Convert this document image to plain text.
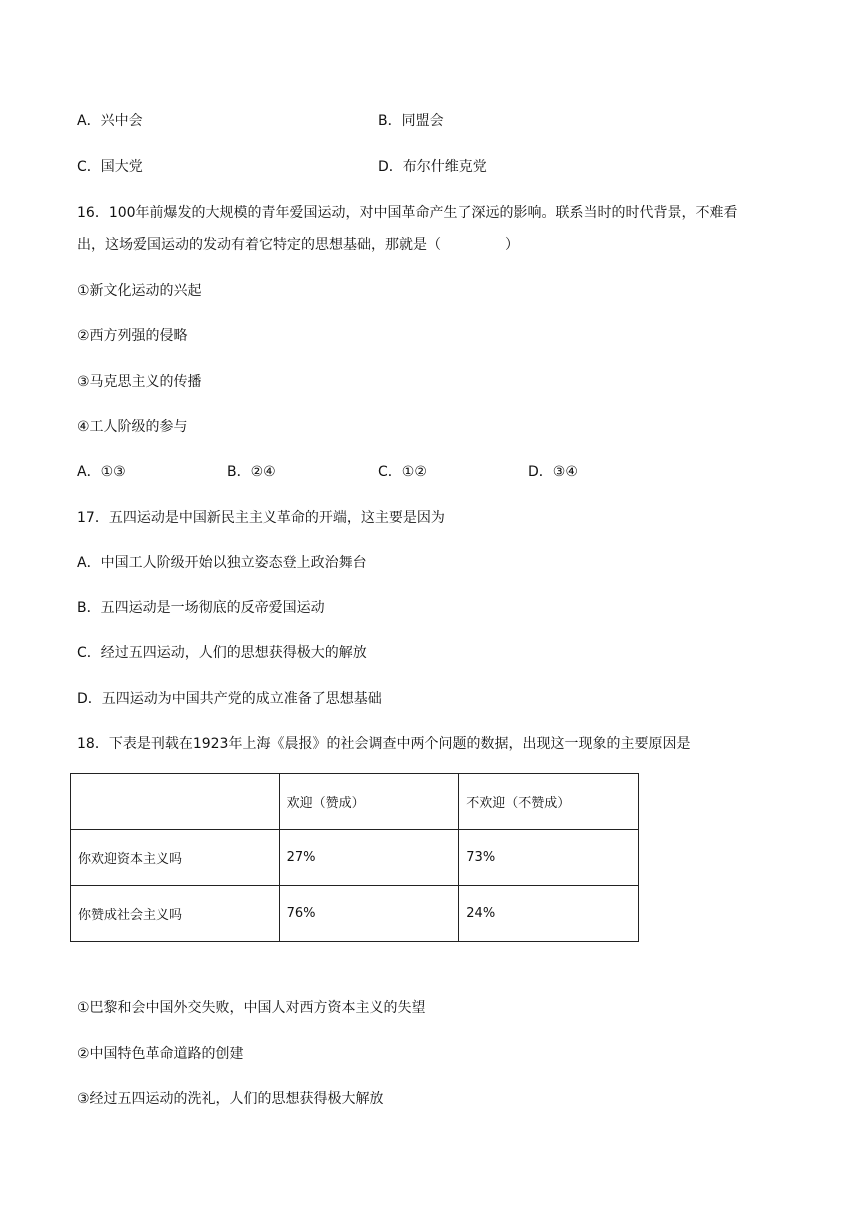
A．兴中会	B．同盟会
C．国大党	D．布尔什维克党
16．100年前爆发的大规模的青年爱国运动，对中国革命产生了深远的影响。联系当时的时代背景，不难看
出，这场爱国运动的发动有着它特定的思想基础，那就是（	）
①新文化运动的兴起
②西方列强的侵略
③马克思主义的传播
④工人阶级的参与
A．①③	B．②④	C．①②	D．③④
17．五四运动是中国新民主主义革命的开端，这主要是因为
A．中国工人阶级开始以独立姿态登上政治舞台
B．五四运动是一场彻底的反帝爱国运动
C．经过五四运动，人们的思想获得极大的解放
D．五四运动为中国共产党的成立准备了思想基础
18．下表是刊载在1923年上海《晨报》的社会调查中两个问题的数据，出现这一现象的主要原因是
	欢迎（赞成）	不欢迎（不赞成）
你欢迎资本主义吗	27%	73%
你赞成社会主义吗	76%	24%
①巴黎和会中国外交失败，中国人对西方资本主义的失望
②中国特色革命道路的创建
③经过五四运动的洗礼，人们的思想获得极大解放
